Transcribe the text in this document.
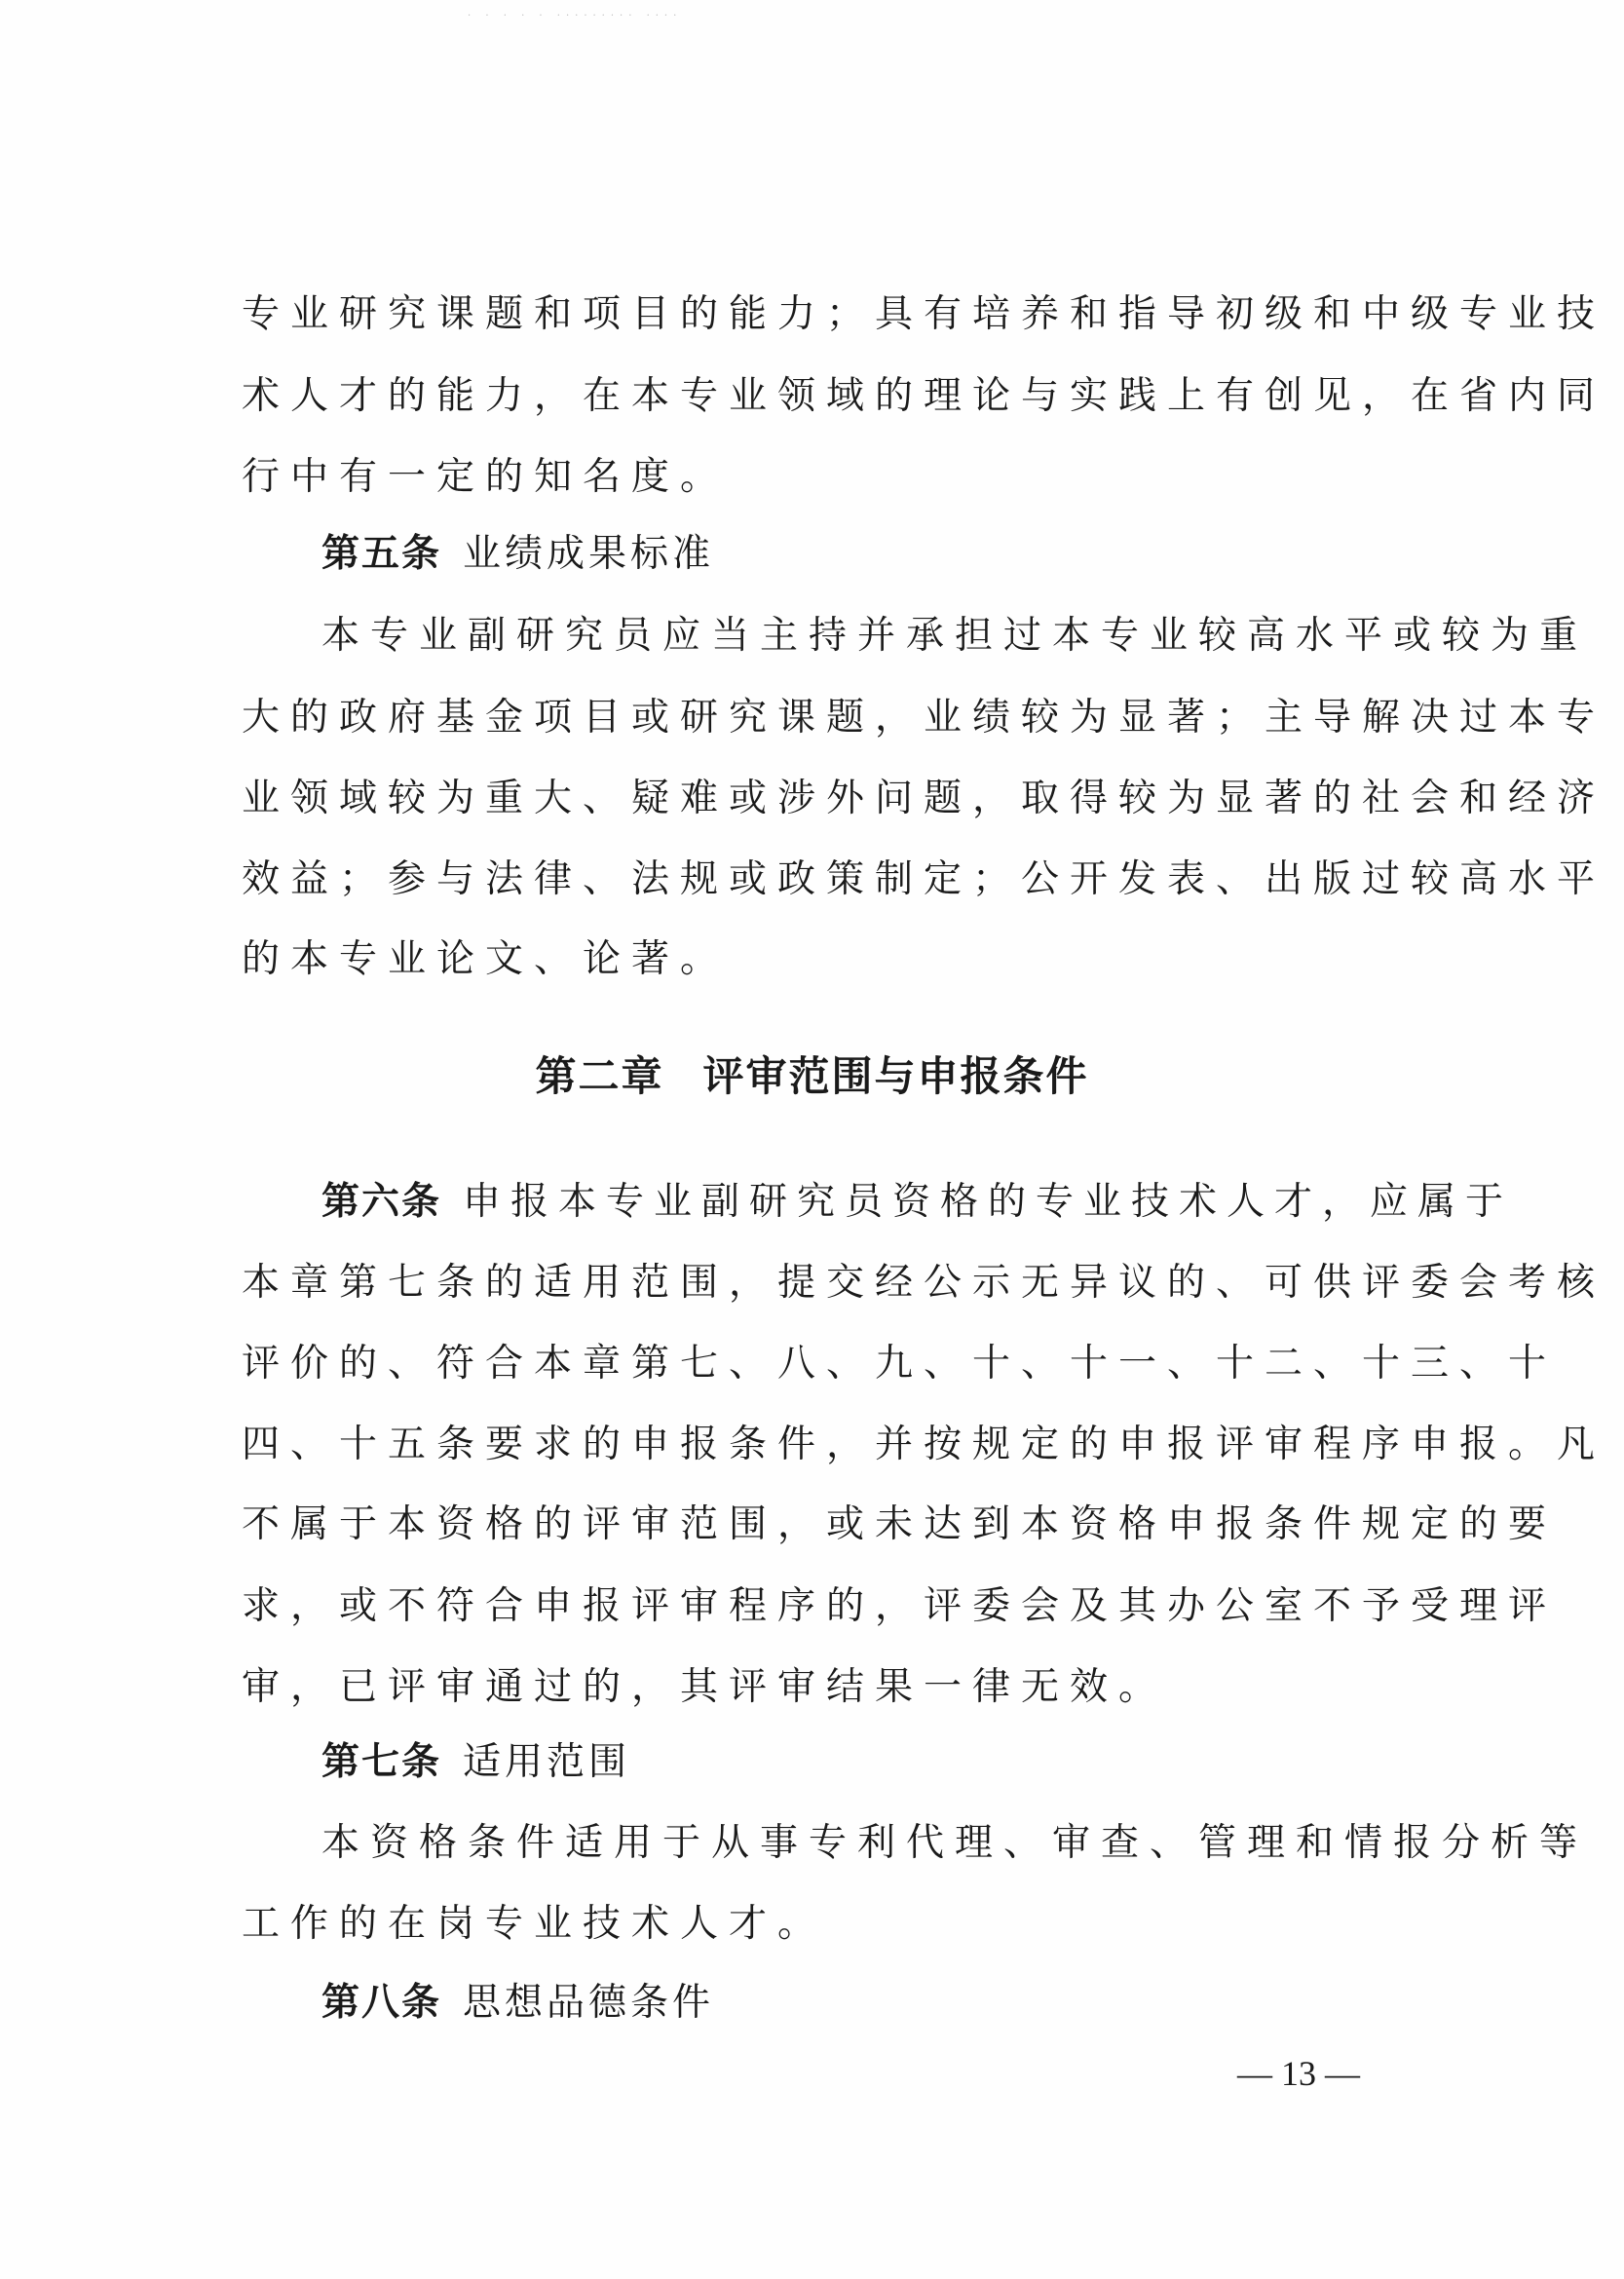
. . . . . ......... ....
专业研究课题和项目的能力；具有培养和指导初级和中级专业技
术人才的能力，在本专业领域的理论与实践上有创见，在省内同
行中有一定的知名度。
第五条 业绩成果标准
本专业副研究员应当主持并承担过本专业较高水平或较为重
大的政府基金项目或研究课题，业绩较为显著；主导解决过本专
业领域较为重大、疑难或涉外问题，取得较为显著的社会和经济
效益；参与法律、法规或政策制定；公开发表、出版过较高水平
的本专业论文、论著。
第二章 评审范围与申报条件
第六条 申报本专业副研究员资格的专业技术人才，应属于
本章第七条的适用范围，提交经公示无异议的、可供评委会考核
评价的、符合本章第七、八、九、十、十一、十二、十三、十
四、十五条要求的申报条件，并按规定的申报评审程序申报。凡
不属于本资格的评审范围，或未达到本资格申报条件规定的要
求，或不符合申报评审程序的，评委会及其办公室不予受理评
审，已评审通过的，其评审结果一律无效。
第七条 适用范围
本资格条件适用于从事专利代理、审查、管理和情报分析等
工作的在岗专业技术人才。
第八条 思想品德条件
— 13 —
